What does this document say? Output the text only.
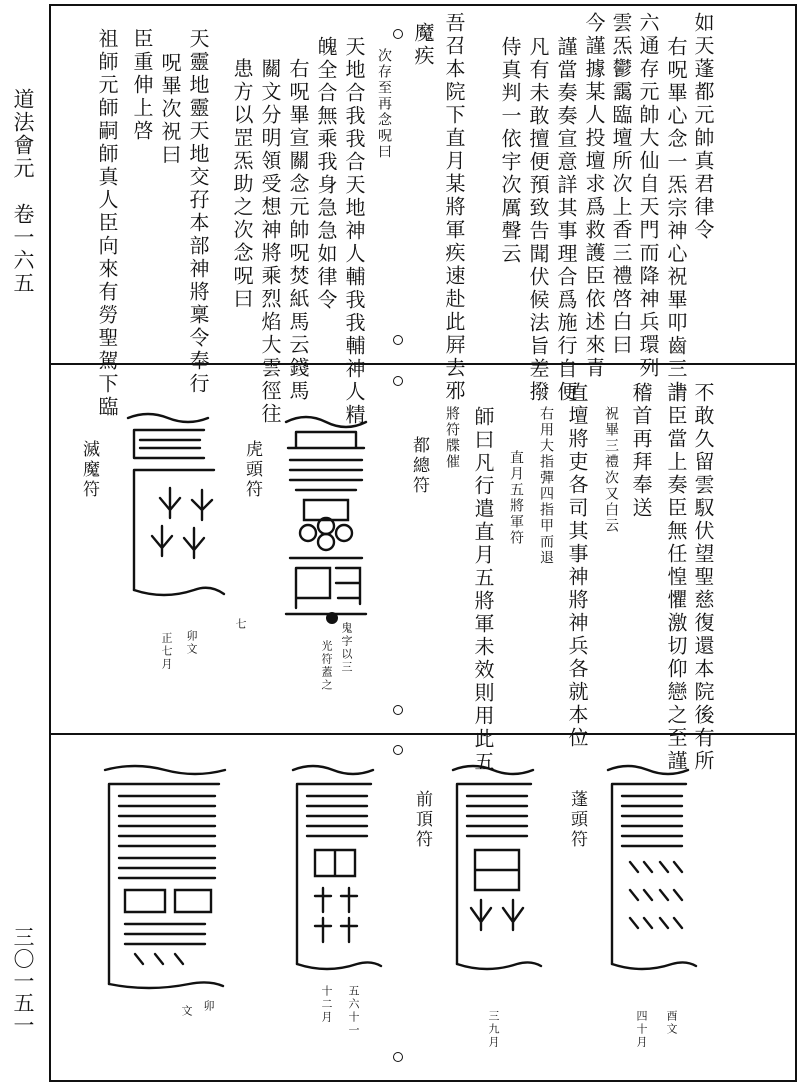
道法會元　卷一六五
三〇一五一
如天蓬都元帥真君律令
右呪畢心念一炁宗神心祝畢叩齒三十
六通存元帥大仙自天門而降神兵環列
雲炁鬱靄臨壇所次上香三禮啓白曰
今謹據某人投壇求爲救護臣依述來青
謹當奏奏宣意詳其事理合爲施行自便
凡有未敢擅便預致告聞伏候法旨差撥
侍真判一依宇次厲聲云
吾召本院下直月某將軍疾速赴此屛去邪
魔疾
次存至再念呪曰
天地合我我合天地神人輔我我輔神人精
魄全合無乘我身急急如律令
右呪畢宣關念元帥呪焚紙馬云錢馬
關文分明領受想神將乘烈焰大雲徑往
患方以罡炁助之次念呪曰
天靈地靈天地交孖本部神將稟令奉行
呪畢次祝曰
臣重伸上啓
祖師元師嗣師真人臣向來有勞聖駕下臨
不敢久留雲馭伏望聖慈復還本院後有所
請臣當上奏臣無任惶懼激切仰戀之至謹
稽首再拜奉送
祝畢三禮次又白云
直壇將吏各司其事神將神兵各就本位
右用大指彈四指甲而退
直月五將軍符
師曰凡行遣直月五將軍未效則用此五
將符牒催
都總符
虎頭符
滅魔符
鬼字以三
光符蓋之
卯文
正七月
七
蓬頭符
前頂符
酉文
四十月
三九月
五六十一
十二月
卯
文
